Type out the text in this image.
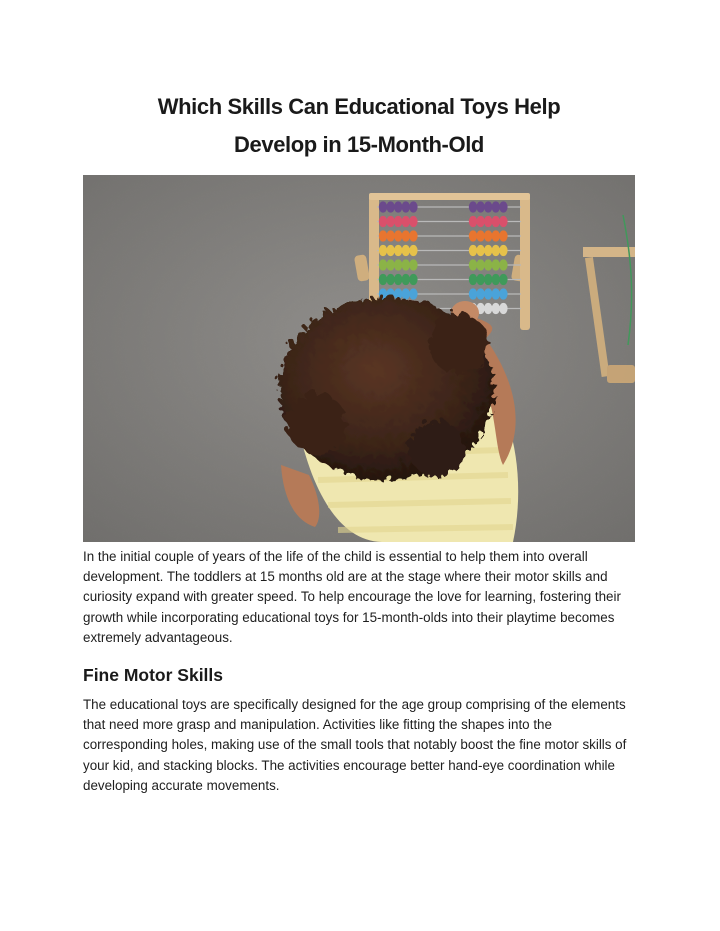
Which Skills Can Educational Toys Help
Develop in 15-Month-Old

In the initial couple of years of the life of the child is essential to help them into overall development. The toddlers at 15 months old are at the stage where their motor skills and curiosity expand with greater speed. To help encourage the love for learning, fostering their growth while incorporating educational toys for 15-month-olds into their playtime becomes extremely advantageous.

Fine Motor Skills

The educational toys are specifically designed for the age group comprising of the elements that need more grasp and manipulation. Activities like fitting the shapes into the corresponding holes, making use of the small tools that notably boost the fine motor skills of your kid, and stacking blocks. The activities encourage better hand-eye coordination while developing accurate movements.
